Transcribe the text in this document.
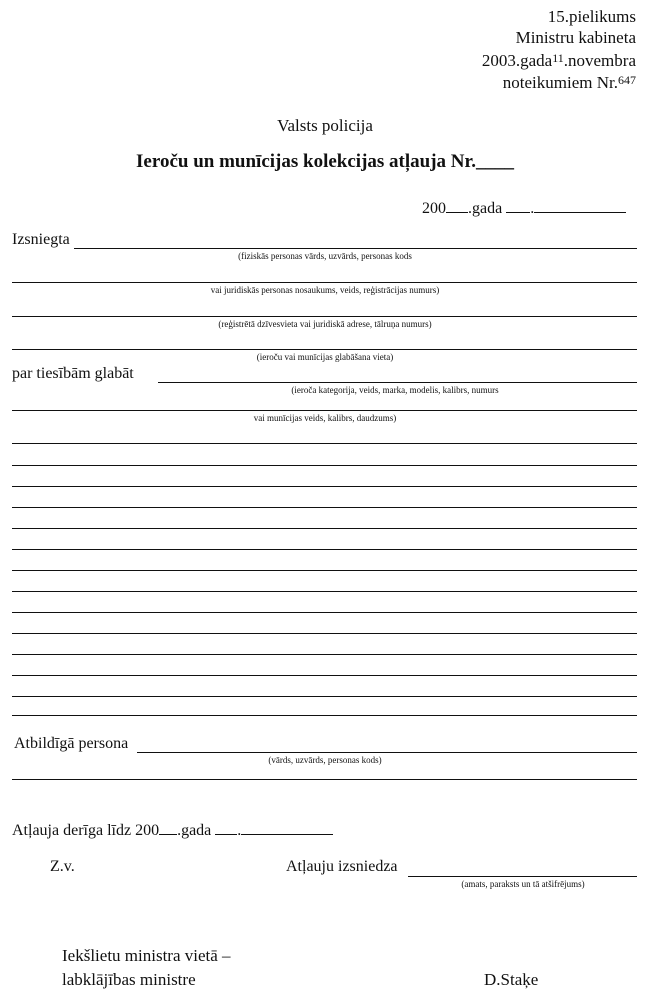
15.pielikums
Ministru kabineta
2003.gada$^{11}$.novembra
noteikumiem Nr.$^{647}$
Valsts policija
Ieroču un munīcijas kolekcijas atļauja Nr.____
200 .gada .
Izsniegta
(fiziskās personas vārds, uzvārds, personas kods
vai juridiskās personas nosaukums, veids, reģistrācijas numurs)
(reģistrētā dzīvesvieta vai juridiskā adrese, tālruņa numurs)
(ieroču vai munīcijas glabāšana vieta)
par tiesībām glabāt
(ieroča kategorija, veids, marka, modelis, kalibrs, numurs
vai munīcijas veids, kalibrs, daudzums)
Atbildīgā persona
(vārds, uzvārds, personas kods)
Atļauja derīga līdz 200 .gada .
Z.v.	Atļauju izsniedza
(amats, paraksts un tā atšifrējums)
Iekšlietu ministra vietā –
labklājības ministre	D.Staķe
